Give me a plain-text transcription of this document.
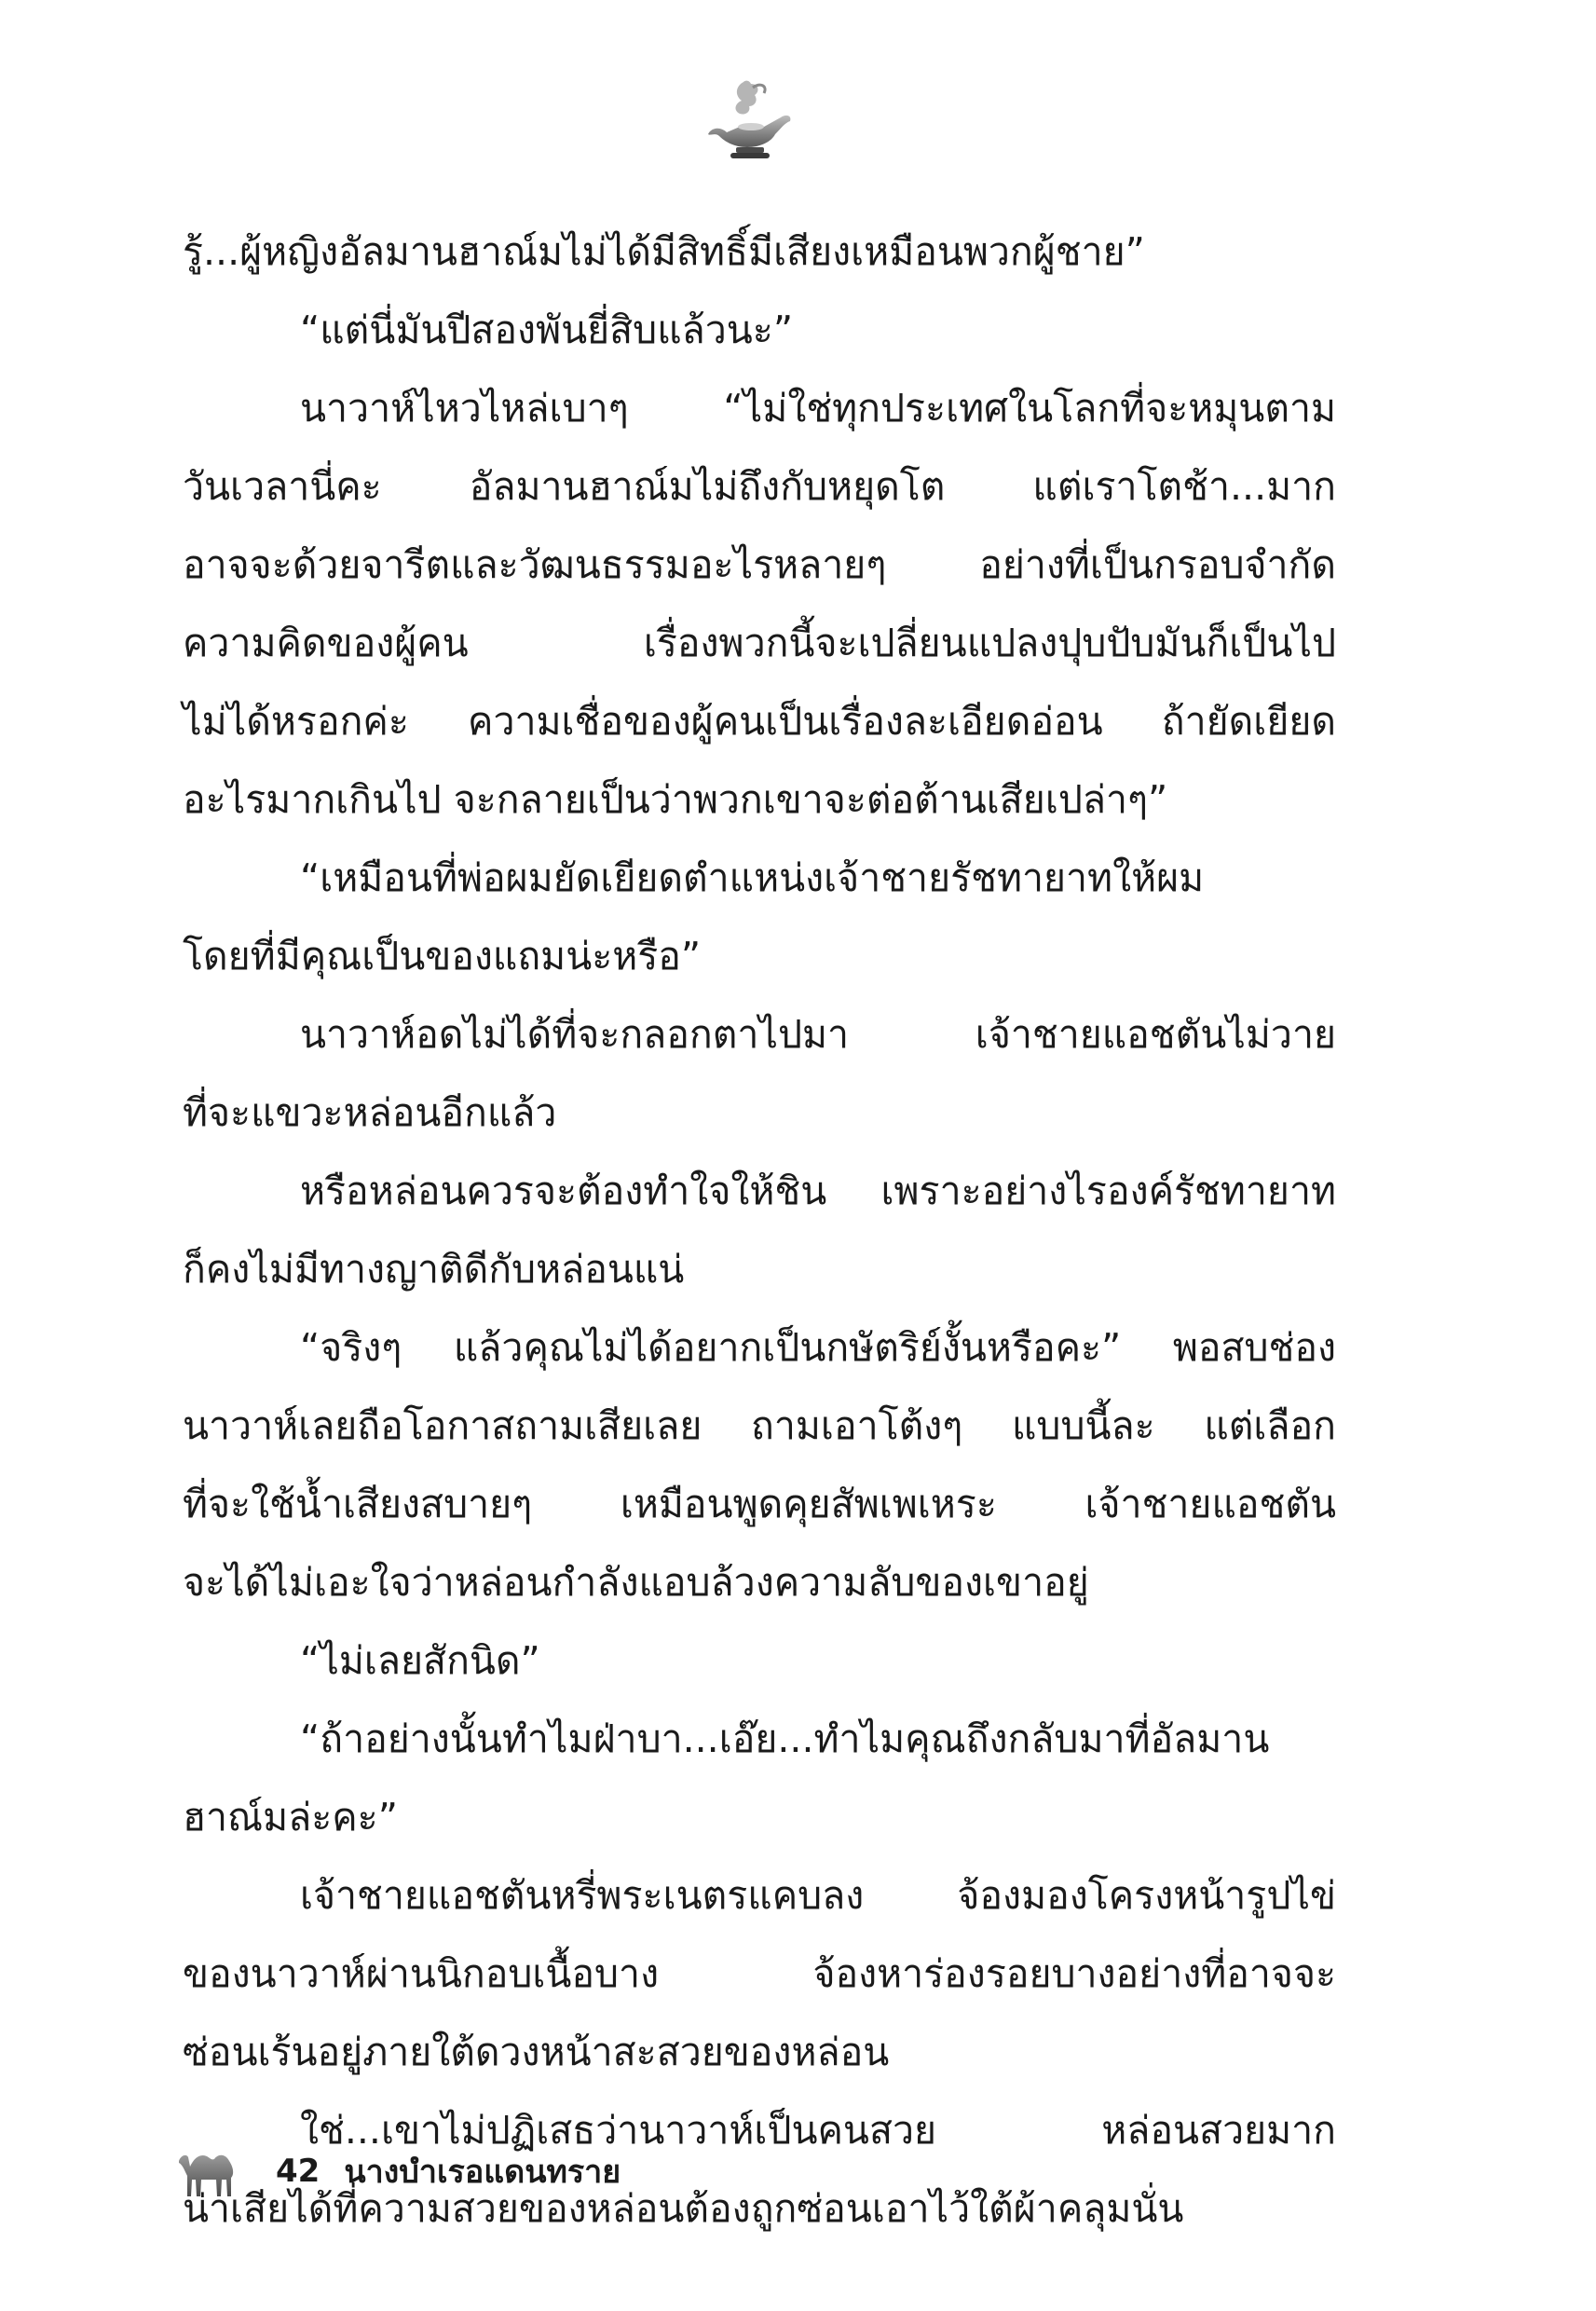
รู้...ผู้หญิงอัลมานฮาณ์มไม่ได้มีสิทธิ์มีเสียงเหมือนพวกผู้ชาย”
“แต่นี่มันปีสองพันยี่สิบแล้วนะ”
นาวาห์ไหวไหล่เบาๆ “ไม่ใช่ทุกประเทศในโลกที่จะหมุนตาม
วันเวลานี่คะ อัลมานฮาณ์มไม่ถึงกับหยุดโต แต่เราโตช้า...มาก
อาจจะด้วยจารีตและวัฒนธรรมอะไรหลายๆ อย่างที่เป็นกรอบจำกัด
ความคิดของผู้คน เรื่องพวกนี้จะเปลี่ยนแปลงปุบปับมันก็เป็นไป
ไม่ได้หรอกค่ะ ความเชื่อของผู้คนเป็นเรื่องละเอียดอ่อน ถ้ายัดเยียด
อะไรมากเกินไป จะกลายเป็นว่าพวกเขาจะต่อต้านเสียเปล่าๆ”
“เหมือนที่พ่อผมยัดเยียดตำแหน่งเจ้าชายรัชทายาทให้ผม
โดยที่มีคุณเป็นของแถมน่ะหรือ”
นาวาห์อดไม่ได้ที่จะกลอกตาไปมา เจ้าชายแอชตันไม่วาย
ที่จะแขวะหล่อนอีกแล้ว
หรือหล่อนควรจะต้องทำใจให้ชิน เพราะอย่างไรองค์รัชทายาท
ก็คงไม่มีทางญาติดีกับหล่อนแน่
“จริงๆ แล้วคุณไม่ได้อยากเป็นกษัตริย์งั้นหรือคะ” พอสบช่อง
นาวาห์เลยถือโอกาสถามเสียเลย ถามเอาโต้งๆ แบบนี้ละ แต่เลือก
ที่จะใช้น้ำเสียงสบายๆ เหมือนพูดคุยสัพเพเหระ เจ้าชายแอชตัน
จะได้ไม่เอะใจว่าหล่อนกำลังแอบล้วงความลับของเขาอยู่
“ไม่เลยสักนิด”
“ถ้าอย่างนั้นทำไมฝ่าบา...เอ๊ย...ทำไมคุณถึงกลับมาที่อัลมาน
ฮาณ์มล่ะคะ”
เจ้าชายแอชตันหรี่พระเนตรแคบลง จ้องมองโครงหน้ารูปไข่
ของนาวาห์ผ่านนิกอบเนื้อบาง จ้องหาร่องรอยบางอย่างที่อาจจะ
ซ่อนเร้นอยู่ภายใต้ดวงหน้าสะสวยของหล่อน
ใช่...เขาไม่ปฏิเสธว่านาวาห์เป็นคนสวย หล่อนสวยมาก
น่าเสียได้ที่ความสวยของหล่อนต้องถูกซ่อนเอาไว้ใต้ผ้าคลุมนั่น
42 นางบำเรอแดนทราย
